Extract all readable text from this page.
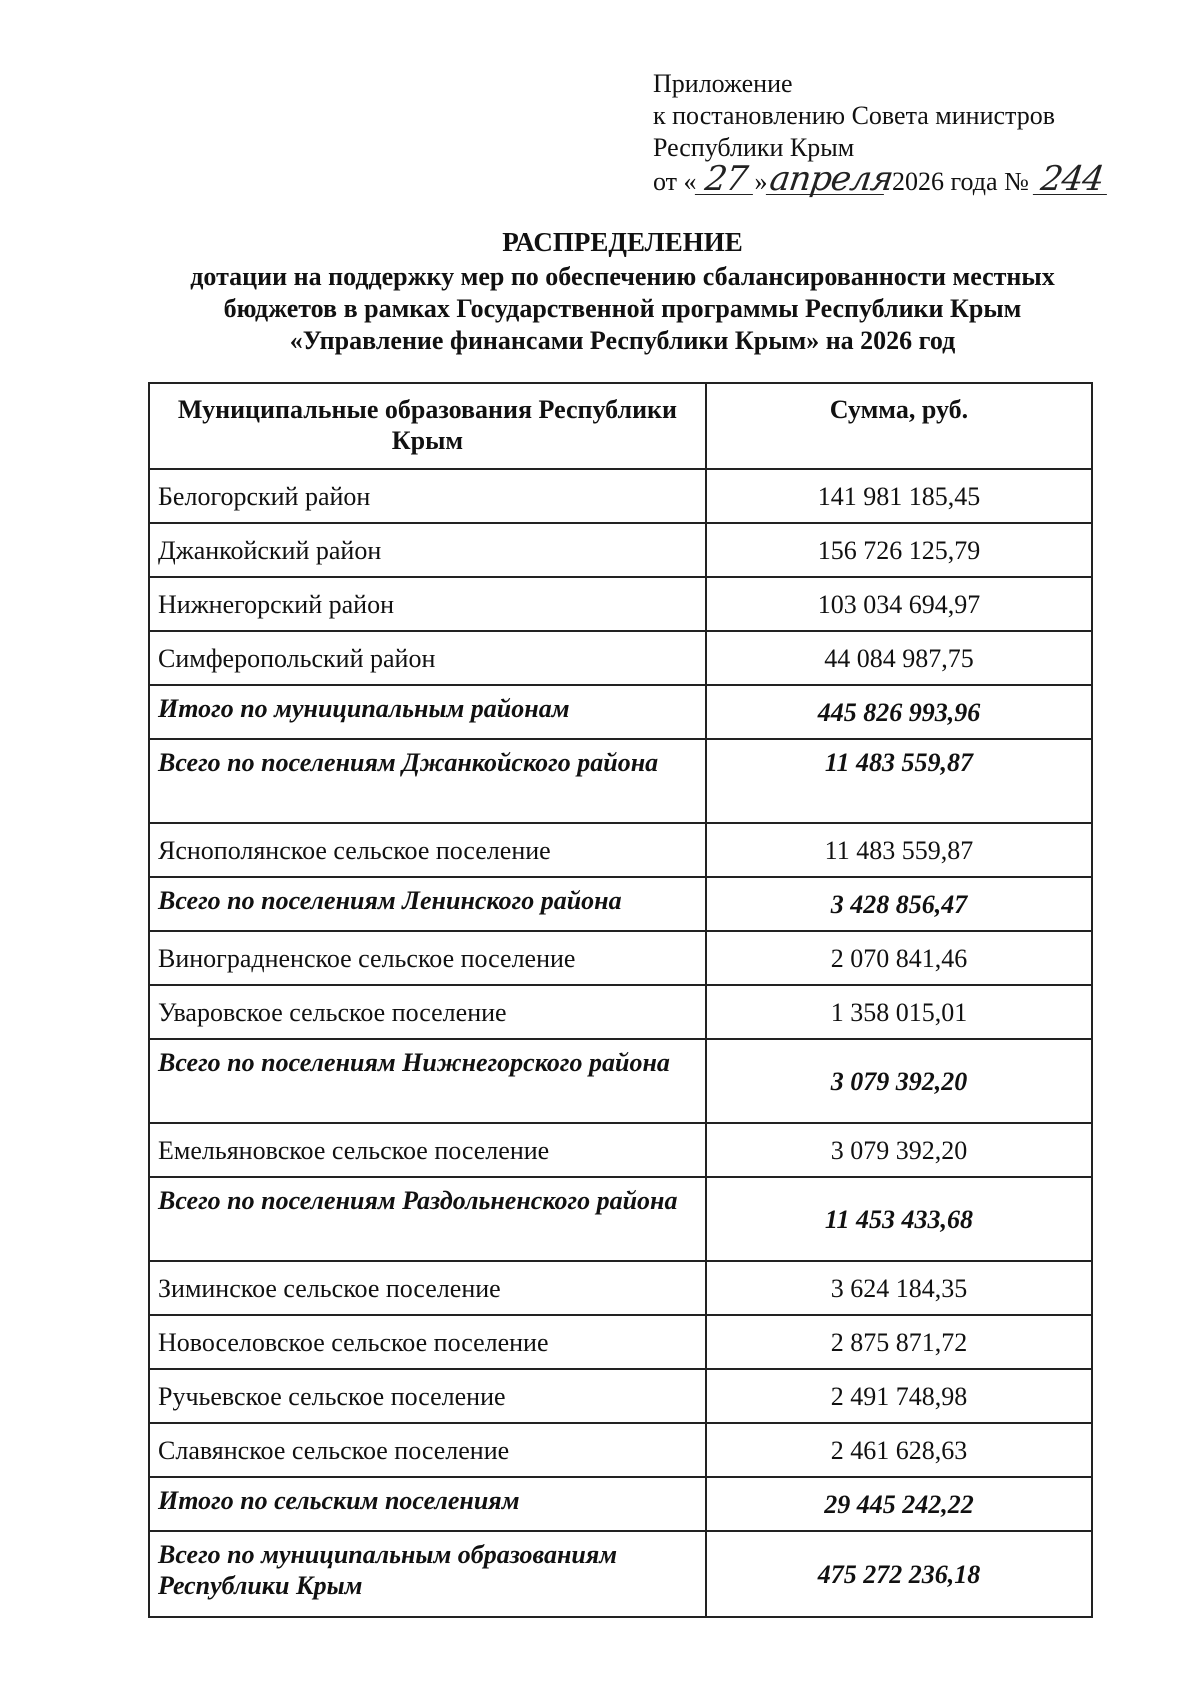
Приложение
к постановлению Совета министров
Республики Крым
от « 27 »апреля 2026 года № 244
РАСПРЕДЕЛЕНИЕ
дотации на поддержку мер по обеспечению сбалансированности местных
бюджетов в рамках Государственной программы Республики Крым
«Управление финансами Республики Крым» на 2026 год
Муниципальные образования Республики Крым	Сумма, руб.
Белогорский район	141 981 185,45
Джанкойский район	156 726 125,79
Нижнегорский район	103 034 694,97
Симферопольский район	44 084 987,75
Итого по муниципальным районам	445 826 993,96
Всего по поселениям Джанкойского района	11 483 559,87
Яснополянское сельское поселение	11 483 559,87
Всего по поселениям Ленинского района	3 428 856,47
Виноградненское сельское поселение	2 070 841,46
Уваровское сельское поселение	1 358 015,01
Всего по поселениям Нижнегорского района	3 079 392,20
Емельяновское сельское поселение	3 079 392,20
Всего по поселениям Раздольненского района	11 453 433,68
Зиминское сельское поселение	3 624 184,35
Новоселовское сельское поселение	2 875 871,72
Ручьевское сельское поселение	2 491 748,98
Славянское сельское поселение	2 461 628,63
Итого по сельским поселениям	29 445 242,22
Всего по муниципальным образованиям Республики Крым	475 272 236,18
